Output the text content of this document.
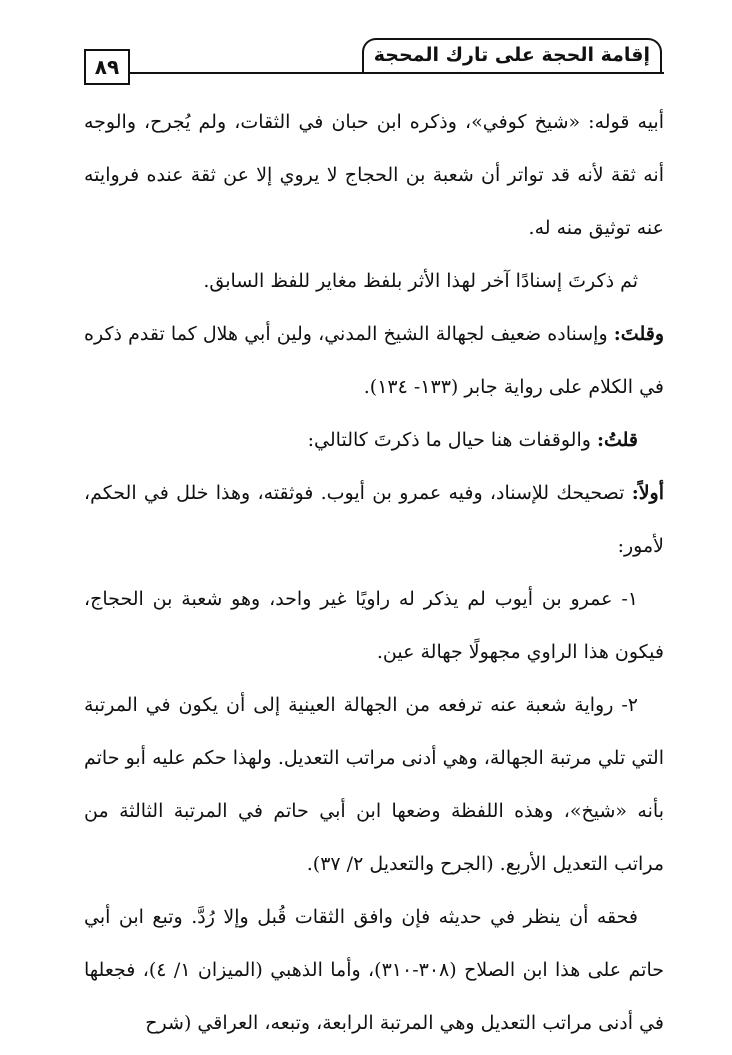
٨٩	إقامة الحجة على تارك المحجة

أبيه قوله: «شيخ كوفي»، وذكره ابن حبان في الثقات، ولم يُجرح، والوجه أنه ثقة لأنه قد تواتر أن شعبة بن الحجاج لا يروي إلا عن ثقة عنده فروايته عنه توثيق منه له.

ثم ذكرتَ إسنادًا آخر لهذا الأثر بلفظ مغاير للفظ السابق.

وقلتَ: وإسناده ضعيف لجهالة الشيخ المدني، ولين أبي هلال كما تقدم ذكره في الكلام على رواية جابر (١٣٣- ١٣٤).

قلتُ: والوقفات هنا حيال ما ذكرتَ كالتالي:

أولاً: تصحيحك للإسناد، وفيه عمرو بن أيوب. فوثقته، وهذا خلل في الحكم، لأمور:

١- عمرو بن أيوب لم يذكر له راويًا غير واحد، وهو شعبة بن الحجاج، فيكون هذا الراوي مجهولًا جهالة عين.

٢- رواية شعبة عنه ترفعه من الجهالة العينية إلى أن يكون في المرتبة التي تلي مرتبة الجهالة، وهي أدنى مراتب التعديل. ولهذا حكم عليه أبو حاتم بأنه «شيخ»، وهذه اللفظة وضعها ابن أبي حاتم في المرتبة الثالثة من مراتب التعديل الأربع. (الجرح والتعديل ٢/ ٣٧).

فحقه أن ينظر في حديثه فإن وافق الثقات قُبل وإلا رُدَّ. وتبع ابن أبي حاتم على هذا ابن الصلاح (٣٠٨-٣١٠)، وأما الذهبي (الميزان ١/ ٤)، فجعلها في أدنى مراتب التعديل وهي المرتبة الرابعة، وتبعه، العراقي (شرح
